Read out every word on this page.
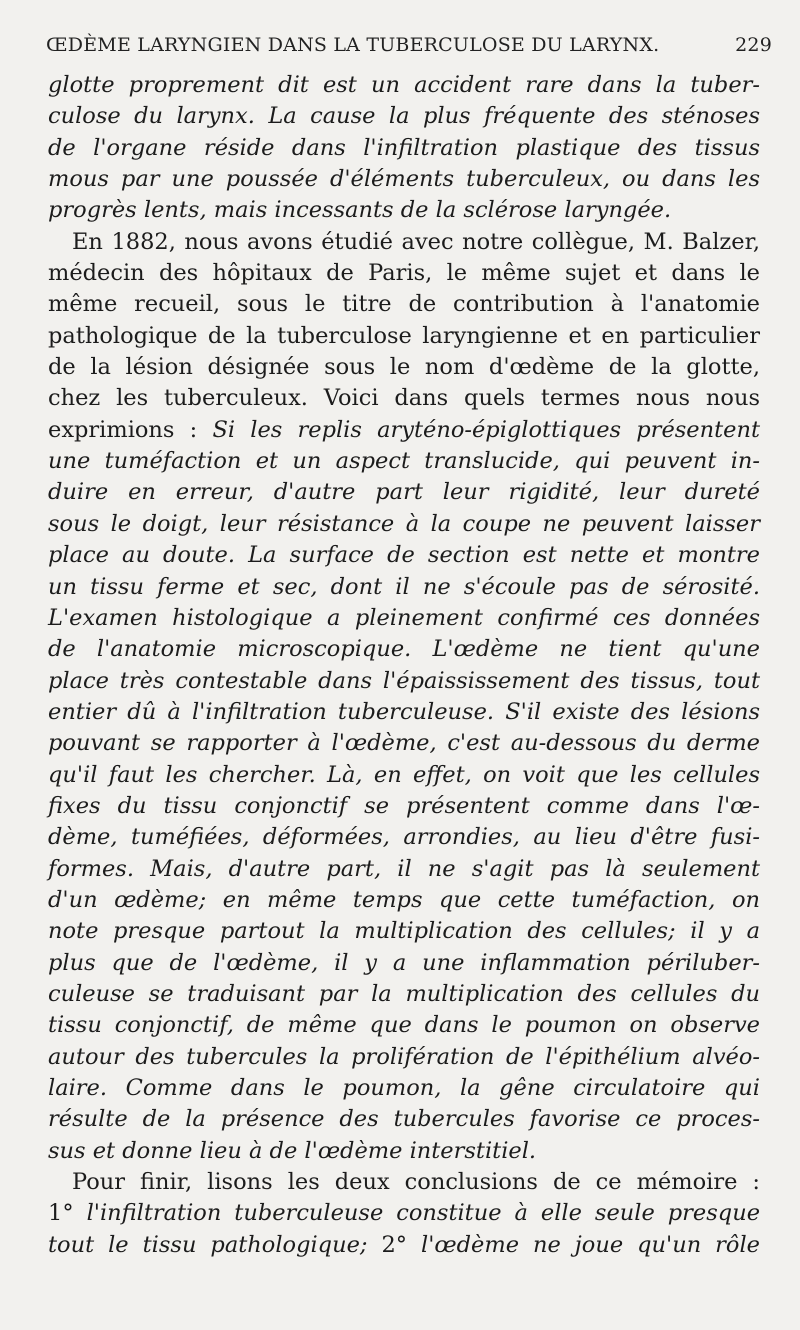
ŒDÈME LARYNGIEN DANS LA TUBERCULOSE DU LARYNX.	229
glotte proprement dit est un accident rare dans la tuber-
culose du larynx. La cause la plus fréquente des sténoses
de l'organe réside dans l'infiltration plastique des tissus
mous par une poussée d'éléments tuberculeux, ou dans les
progrès lents, mais incessants de la sclérose laryngée.
En 1882, nous avons étudié avec notre collègue, M. Balzer,
médecin des hôpitaux de Paris, le même sujet et dans le
même recueil, sous le titre de contribution à l'anatomie
pathologique de la tuberculose laryngienne et en particulier
de la lésion désignée sous le nom d'œdème de la glotte,
chez les tuberculeux. Voici dans quels termes nous nous
exprimions : Si les replis aryténo-épiglottiques présentent
une tuméfaction et un aspect translucide, qui peuvent in-
duire en erreur, d'autre part leur rigidité, leur dureté
sous le doigt, leur résistance à la coupe ne peuvent laisser
place au doute. La surface de section est nette et montre
un tissu ferme et sec, dont il ne s'écoule pas de sérosité.
L'examen histologique a pleinement confirmé ces données
de l'anatomie microscopique. L'œdème ne tient qu'une
place très contestable dans l'épaississement des tissus, tout
entier dû à l'infiltration tuberculeuse. S'il existe des lésions
pouvant se rapporter à l'œdème, c'est au-dessous du derme
qu'il faut les chercher. Là, en effet, on voit que les cellules
fixes du tissu conjonctif se présentent comme dans l'œ-
dème, tuméfiées, déformées, arrondies, au lieu d'être fusi-
formes. Mais, d'autre part, il ne s'agit pas là seulement
d'un œdème; en même temps que cette tuméfaction, on
note presque partout la multiplication des cellules; il y a
plus que de l'œdème, il y a une inflammation périluber-
culeuse se traduisant par la multiplication des cellules du
tissu conjonctif, de même que dans le poumon on observe
autour des tubercules la prolifération de l'épithélium alvéo-
laire. Comme dans le poumon, la gêne circulatoire qui
résulte de la présence des tubercules favorise ce proces-
sus et donne lieu à de l'œdème interstitiel.
Pour finir, lisons les deux conclusions de ce mémoire :
1° l'infiltration tuberculeuse constitue à elle seule presque
tout le tissu pathologique; 2° l'œdème ne joue qu'un rôle
